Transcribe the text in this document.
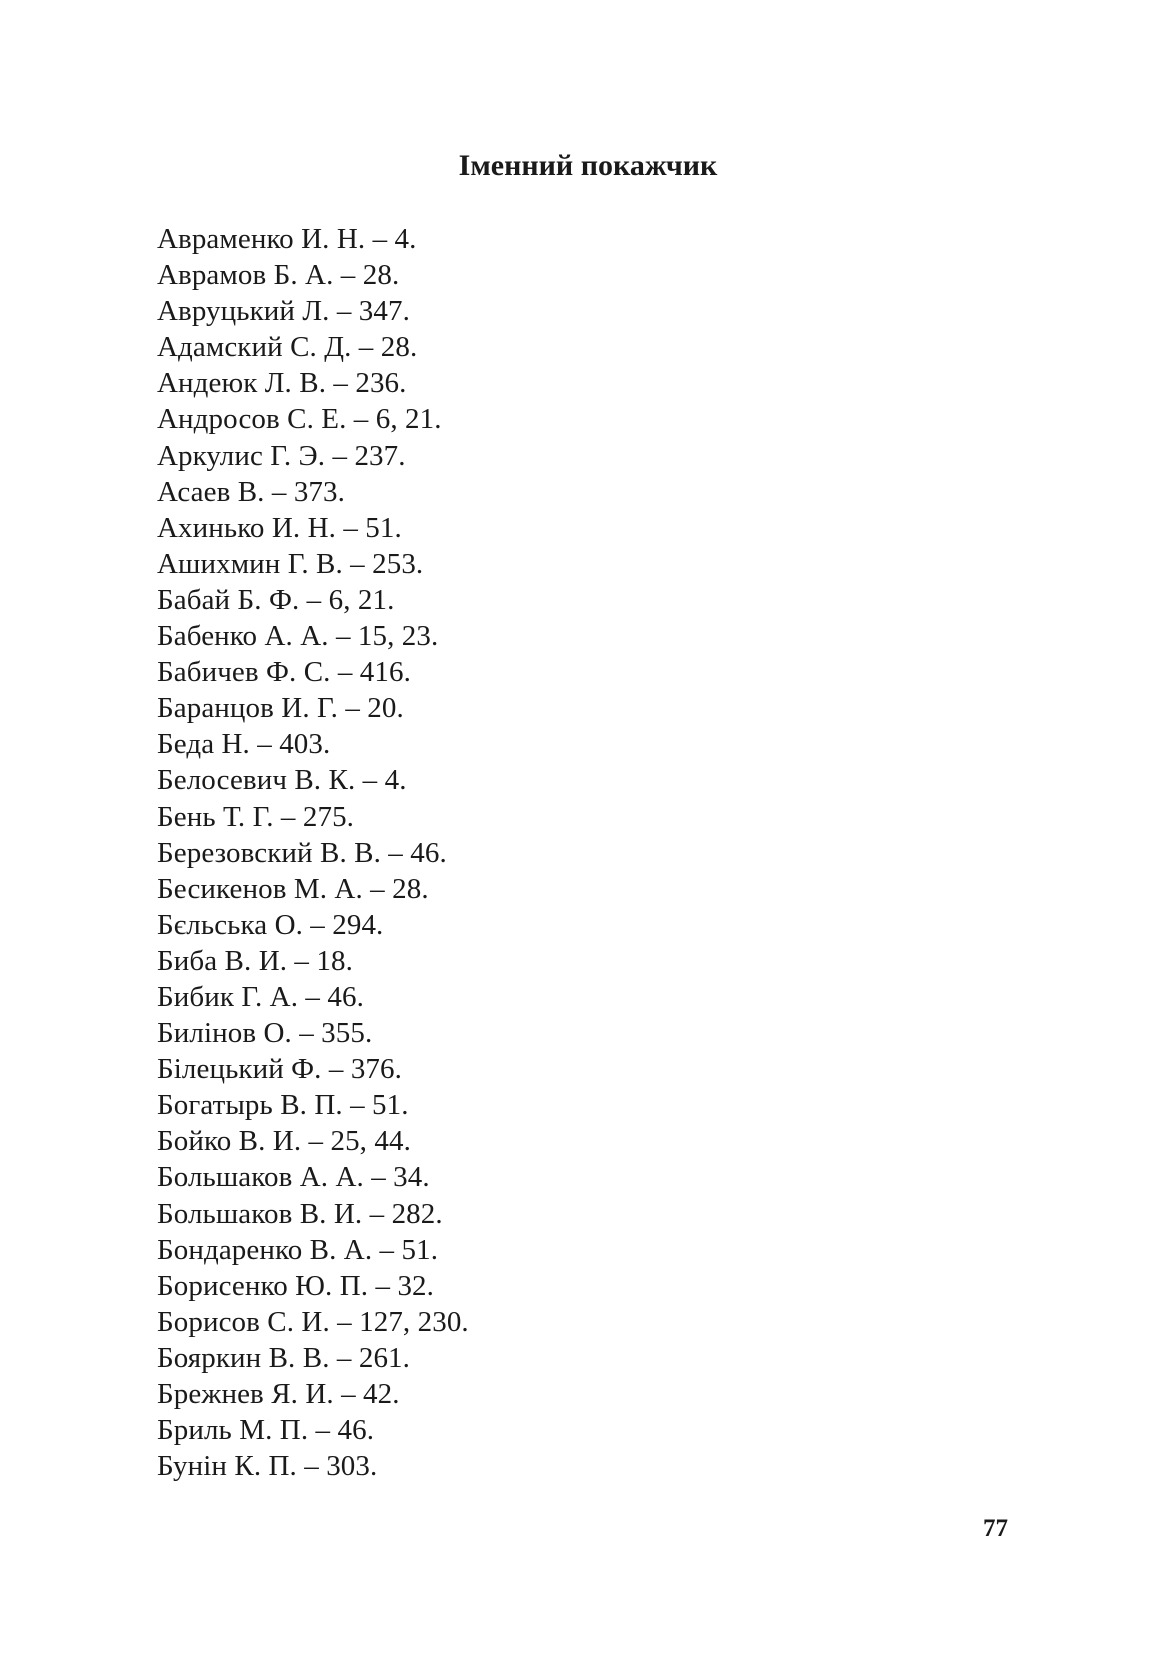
Іменний покажчик
Авраменко И. Н. – 4.
Аврамов Б. А. – 28.
Авруцький Л. – 347.
Адамский С. Д. – 28.
Андеюк Л. В. – 236.
Андросов С. Е. – 6, 21.
Аркулис Г. Э. – 237.
Асаев В. – 373.
Ахинько И. Н. – 51.
Ашихмин Г. В. – 253.
Бабай Б. Ф. – 6, 21.
Бабенко А. А. – 15, 23.
Бабичев Ф. С. – 416.
Баранцов И. Г. – 20.
Беда Н. – 403.
Белосевич В. К. – 4.
Бень Т. Г. – 275.
Березовский В. В. – 46.
Бесикенов М. А. – 28.
Бєльська О. – 294.
Биба В. И. – 18.
Бибик Г. А. – 46.
Билінов О. – 355.
Білецький Ф. – 376.
Богатырь В. П. – 51.
Бойко В. И. – 25, 44.
Большаков А. А. – 34.
Большаков В. И. – 282.
Бондаренко В. А. – 51.
Борисенко Ю. П. – 32.
Борисов С. И. – 127, 230.
Бояркин В. В. – 261.
Брежнев Я. И. – 42.
Бриль М. П. – 46.
Бунін К. П. – 303.
77
